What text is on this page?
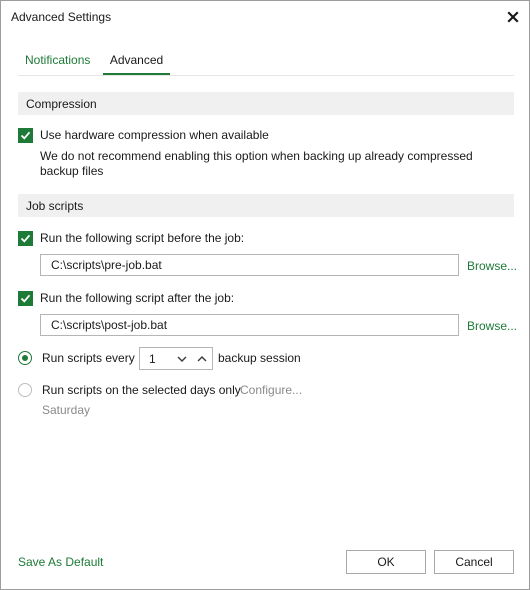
Advanced Settings
Notifications	Advanced
Compression
Use hardware compression when available
We do not recommend enabling this option when backing up already compressed
backup files
Job scripts
Run the following script before the job:
C:\scripts\pre-job.bat
Browse...
Run the following script after the job:
C:\scripts\post-job.bat
Browse...
Run scripts every 1	backup session
Run scripts on the selected days only Configure...
Saturday
Save As Default	OK	Cancel
